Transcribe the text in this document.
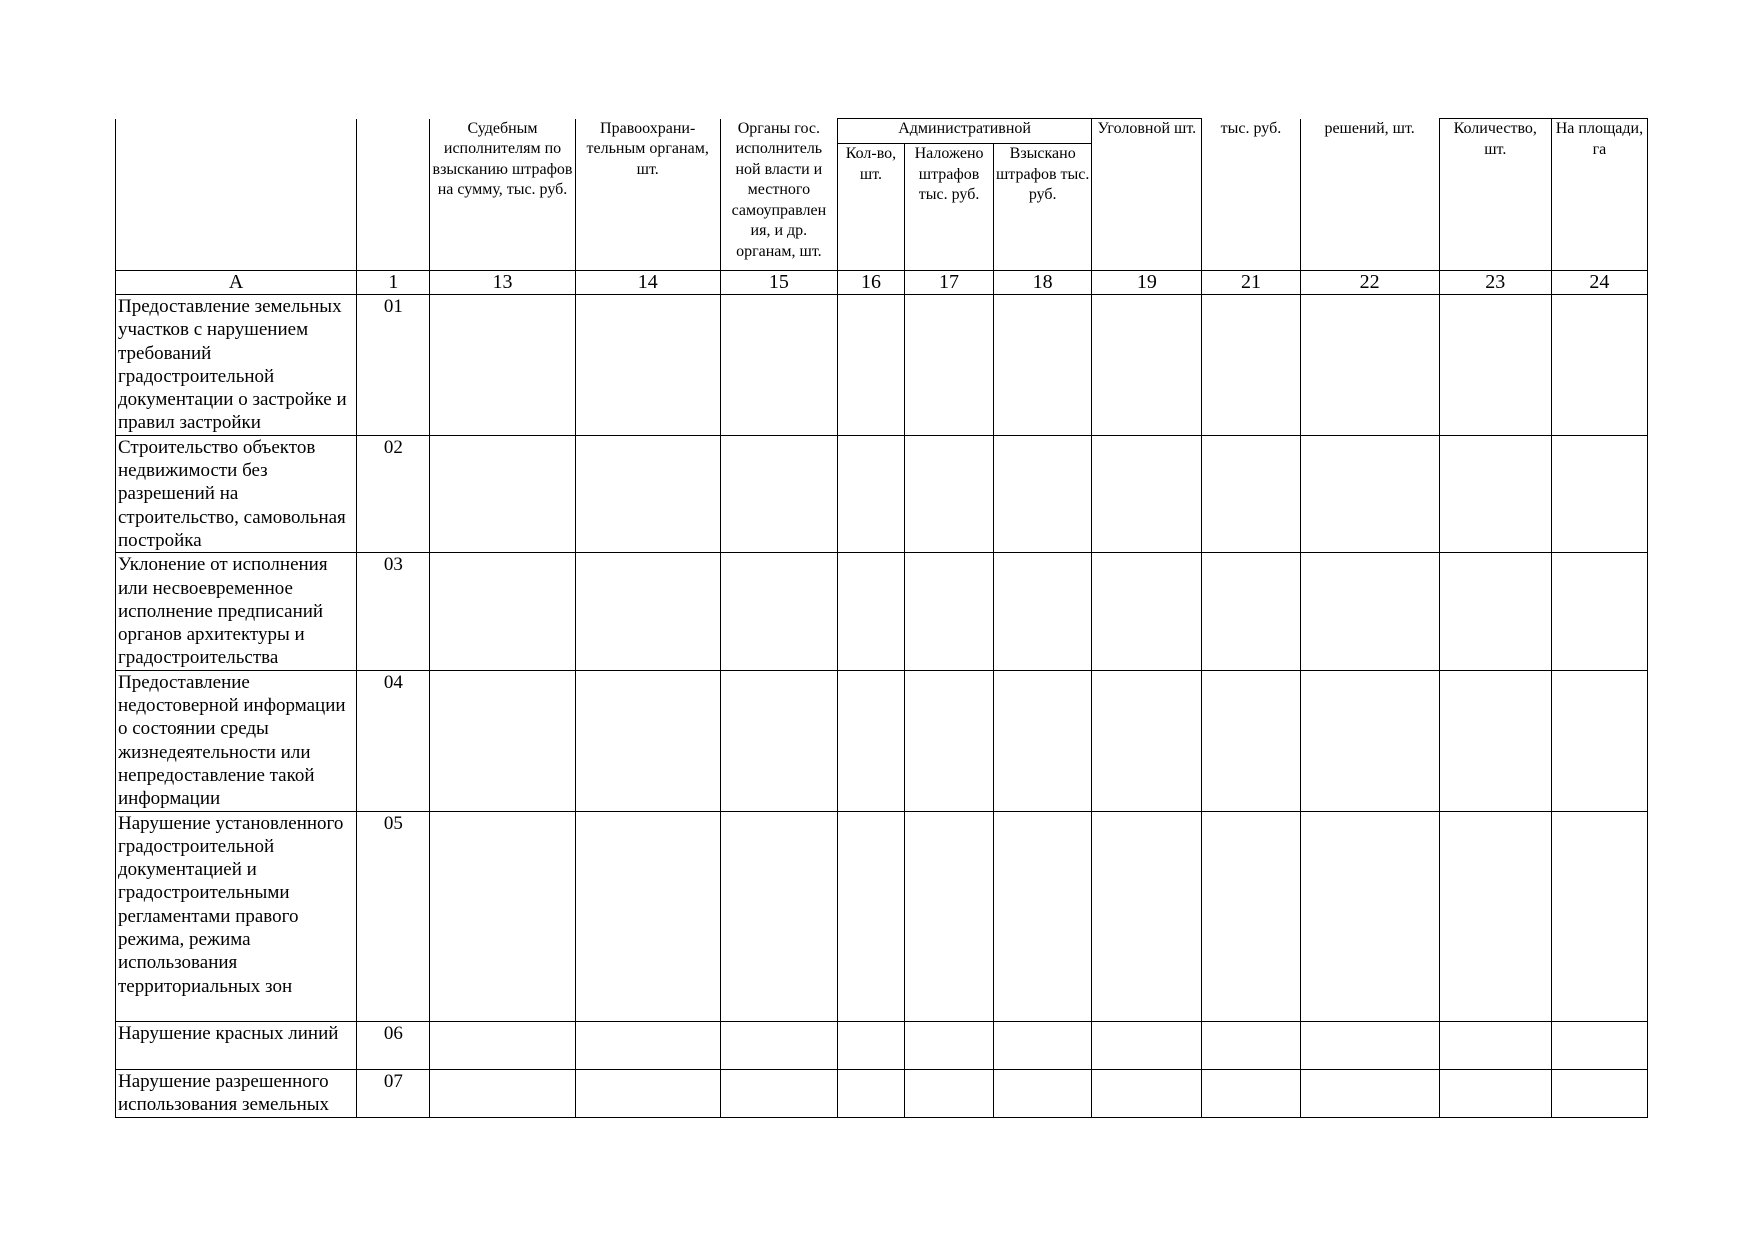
		Судебным исполнителям по взысканию штрафов на сумму, тыс. руб.	Правоохрани-тельным органам, шт.	Органы гос. исполнитель ной власти и местного самоуправлен ия, и др. органам, шт.	Административной			Уголовной шт.	тыс. руб.	решений, шт.	Количество, шт.	На площади, га
					Кол-во, шт.	Наложено штрафов тыс. руб.	Взыскано штрафов тыс. руб.					
А	1	13	14	15	16	17	18	19	21	22	23	24
Предоставление земельных участков с нарушением требований градостроительной документации о застройке и правил застройки	01											
Строительство объектов недвижимости без разрешений на строительство, самовольная постройка	02											
Уклонение от исполнения или несвоевременное исполнение предписаний органов архитектуры и градостроительства	03											
Предоставление недостоверной информации о состоянии среды жизнедеятельности или непредоставление такой информации	04											
Нарушение установленного градостроительной документацией и градостроительными регламентами правого режима, режима использования территориальных зон	05											
Нарушение красных линий	06											
Нарушение разрешенного использования земельных	07											
